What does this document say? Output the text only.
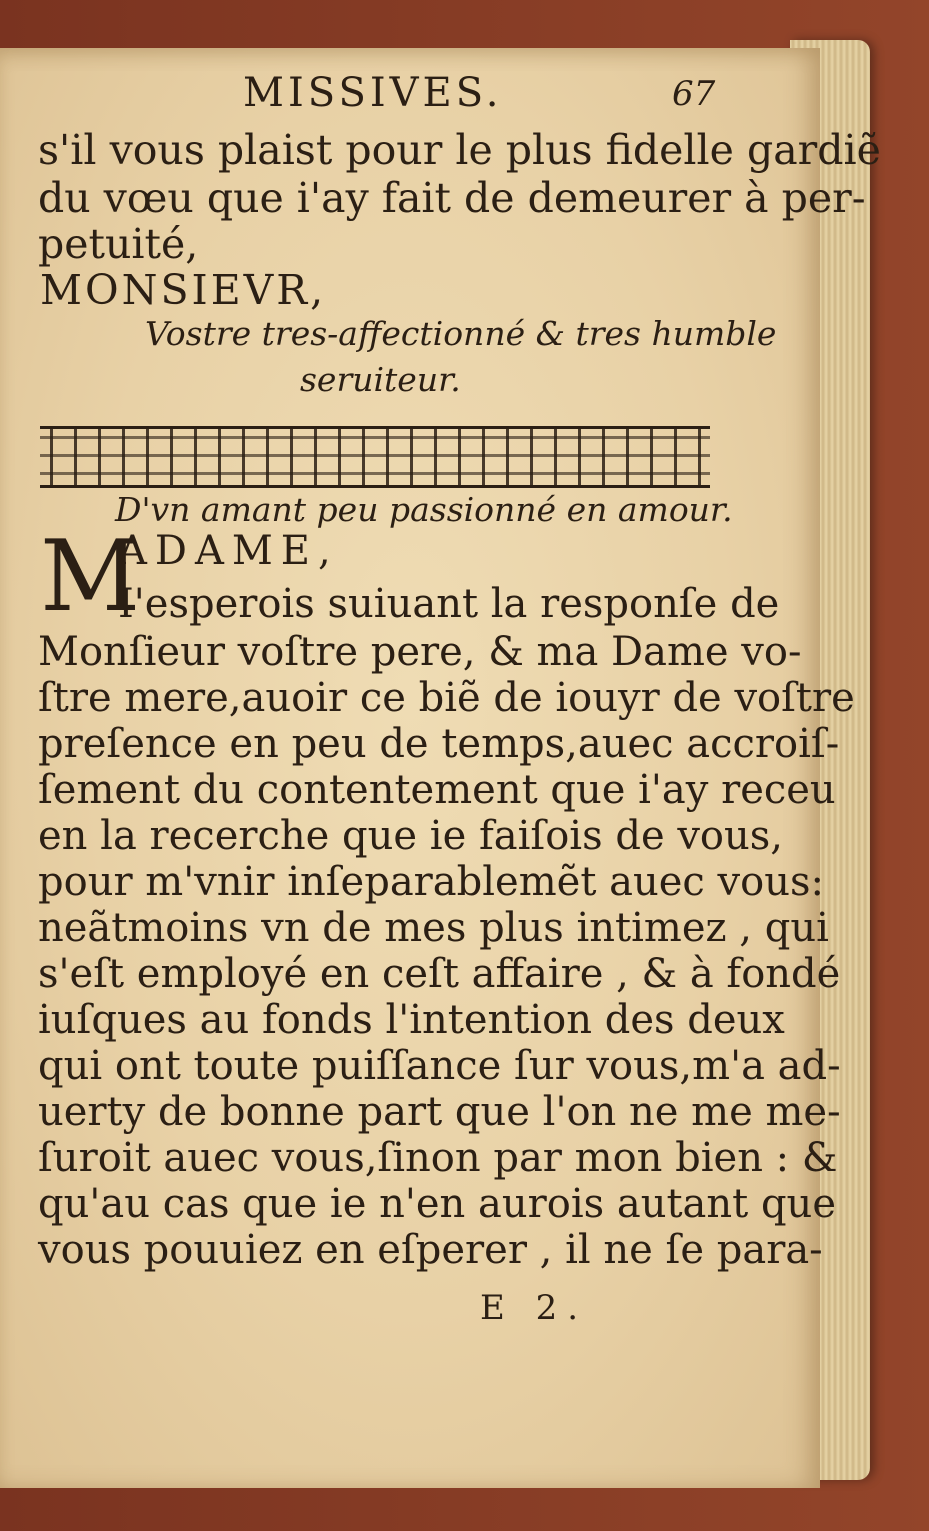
MISSIVES.	67
s'il vous plaist pour le plus fidelle gardiẽ
du vœu que i'ay fait de demeurer à per-
petuité,
MONSIEVR,
Vostre tres-affectionné & tres humble
seruiteur.
D'vn amant peu passionné en amour.
M
ADAME,
I'esperois suiuant la responſe de
Monſieur voſtre pere, & ma Dame vo-
ſtre mere,auoir ce biẽ de iouyr de voſtre
preſence en peu de temps,auec accroiſ-
ſement du contentement que i'ay receu
en la recerche que ie faiſois de vous,
pour m'vnir inſeparablemẽt auec vous:
neãtmoins vn de mes plus intimez , qui
s'eſt employé en ceſt affaire , & à fondé
iuſques au fonds l'intention des deux
qui ont toute puiſſance ſur vous,m'a ad-
uerty de bonne part que l'on ne me me-
ſuroit auec vous,ſinon par mon bien : &
qu'au cas que ie n'en aurois autant que
vous pouuiez en eſperer , il ne ſe para-
E 2.
